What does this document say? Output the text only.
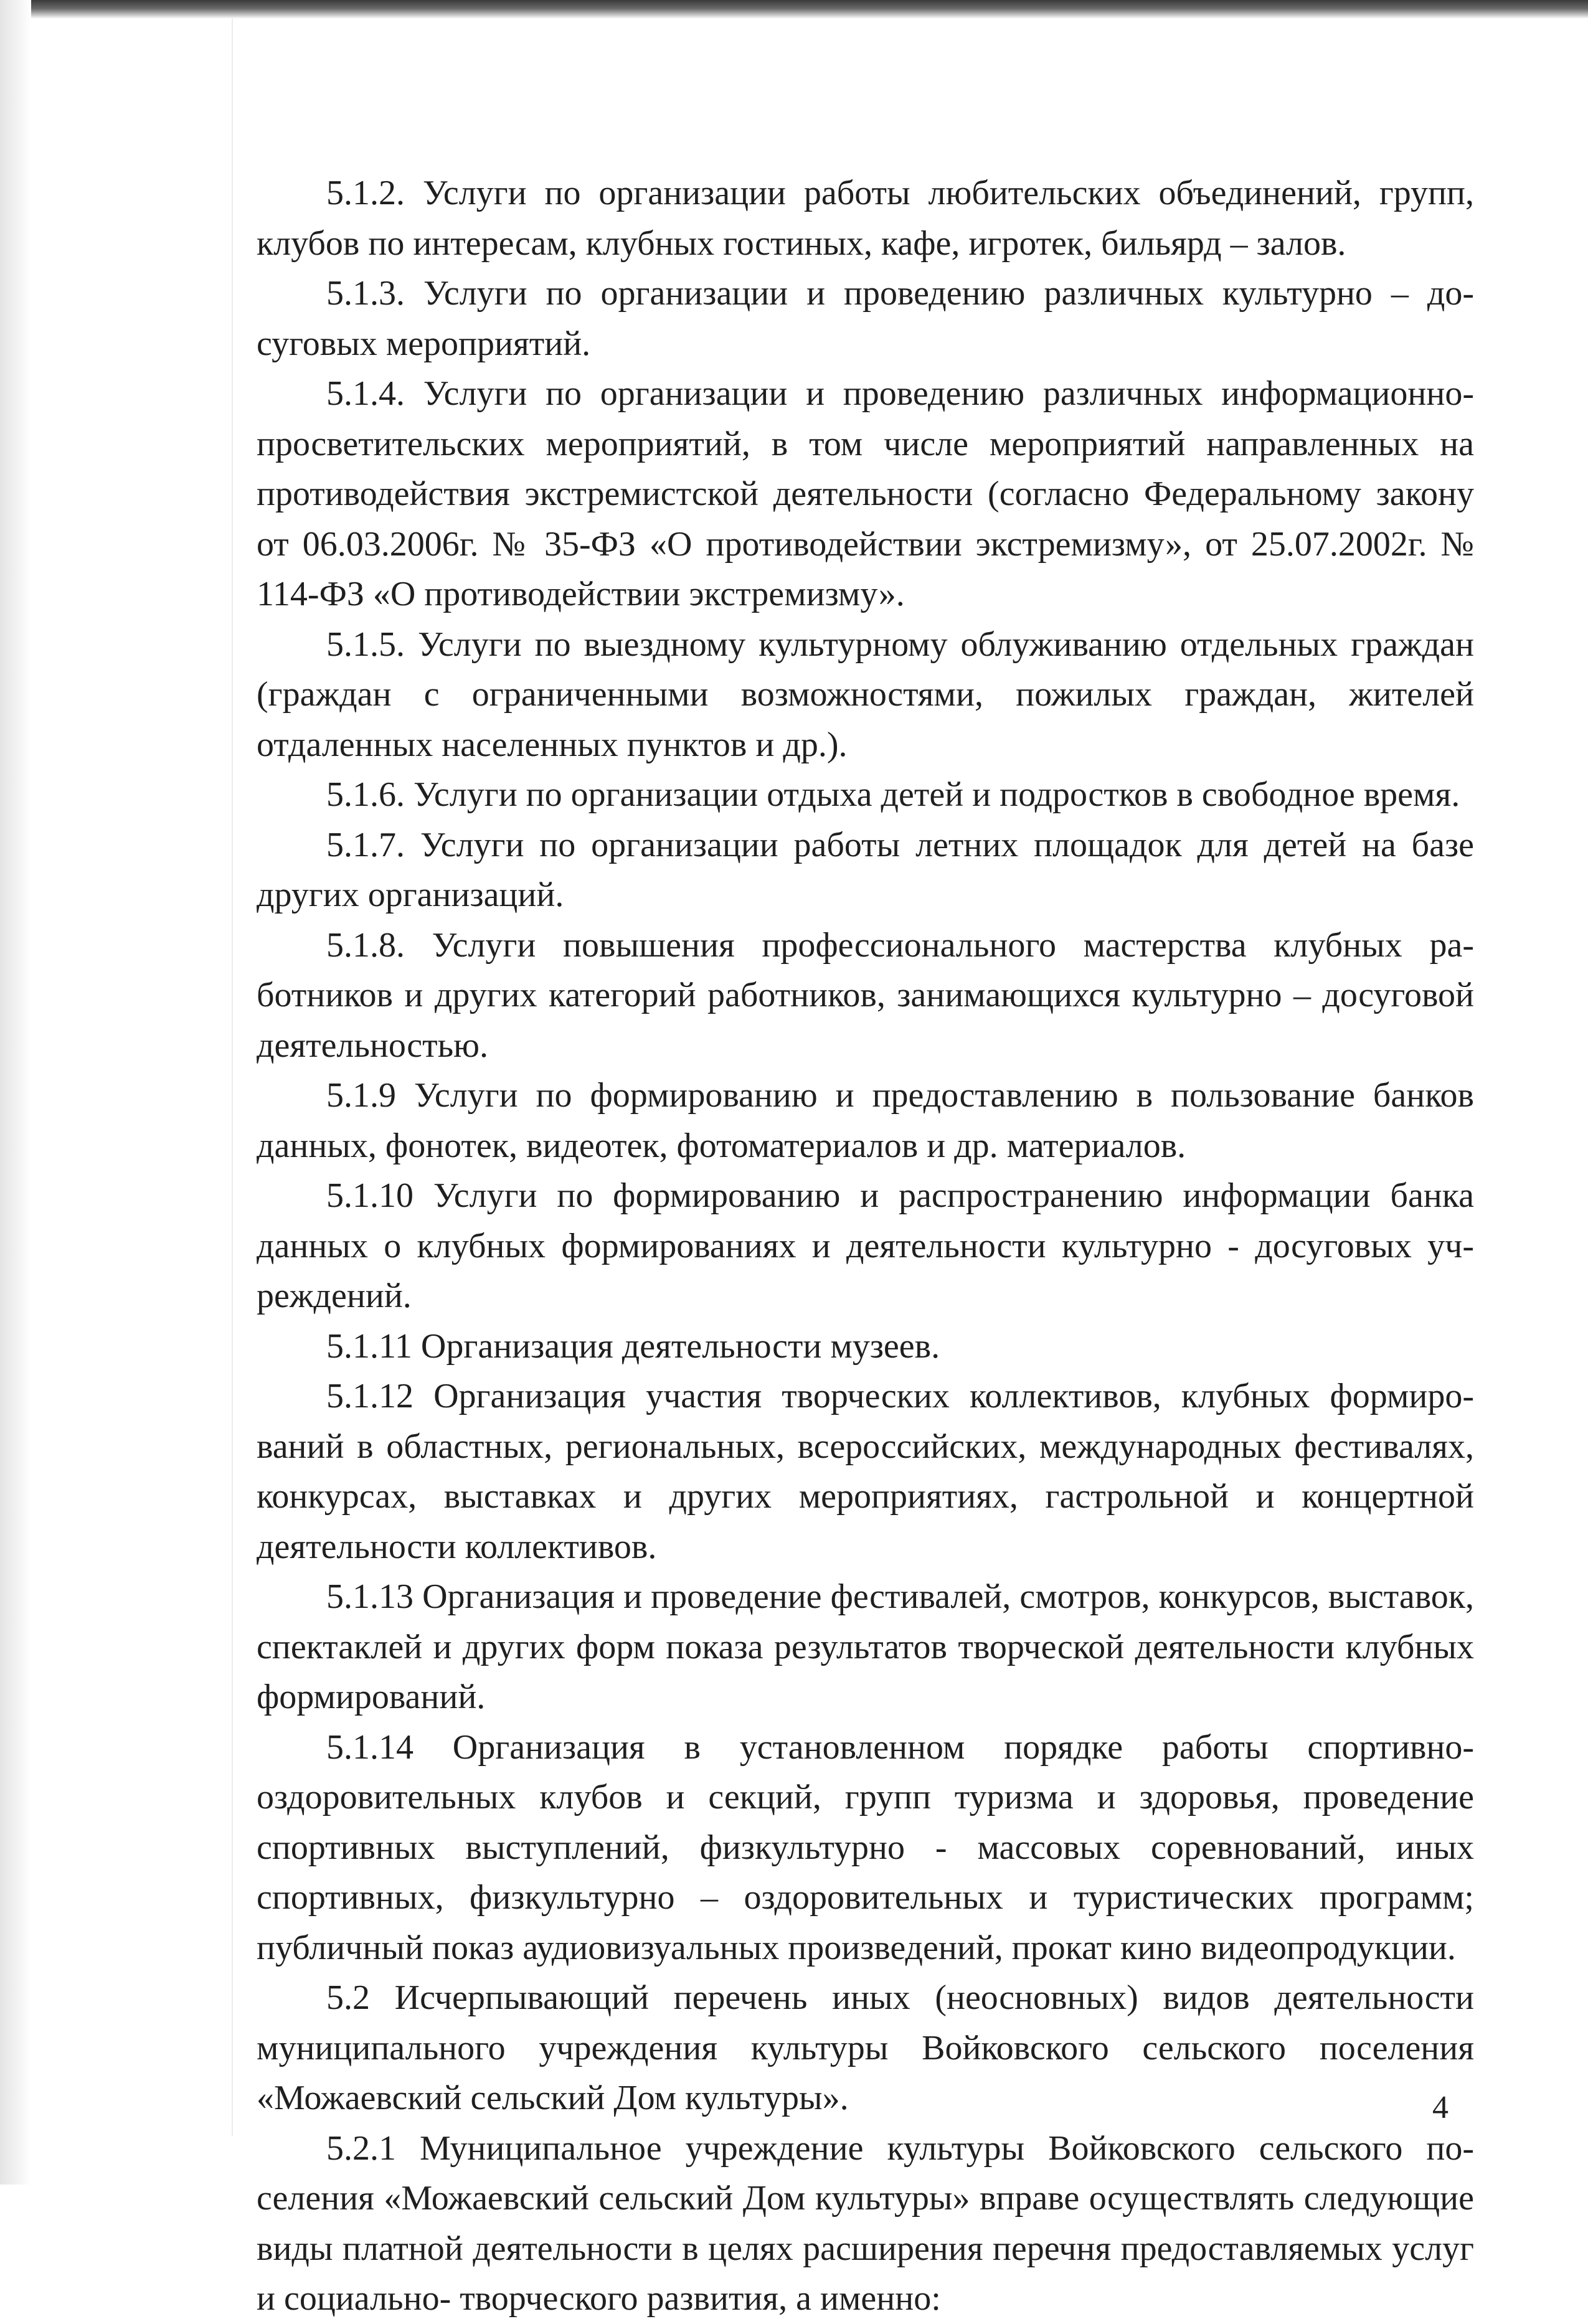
5.1.2. Услуги по организации работы любительских объединений, групп, клубов по интересам, клубных гостиных, кафе, игротек, бильярд – залов.

5.1.3. Услуги по организации и проведению различных культурно – досуговых мероприятий.

5.1.4. Услуги по организации и проведению различных информационно-просветительских мероприятий, в том числе мероприятий направленных на противодействия экстремистской деятельности (согласно Федеральному закону от 06.03.2006г. № 35-ФЗ «О противодействии экстремизму», от 25.07.2002г. № 114-ФЗ «О противодействии экстремизму».

5.1.5. Услуги по выездному культурному облуживанию отдельных граждан (граждан с ограниченными возможностями, пожилых граждан, жителей отдаленных населенных пунктов и др.).

5.1.6. Услуги по организации отдыха детей и подростков в свободное время.

5.1.7. Услуги по организации работы летних площадок для детей на базе других организаций.

5.1.8. Услуги повышения профессионального мастерства клубных работников и других категорий работников, занимающихся культурно – досуговой деятельностью.

5.1.9 Услуги по формированию и предоставлению в пользование банков данных, фонотек, видеотек, фотоматериалов и др. материалов.

5.1.10 Услуги по формированию и распространению информации банка данных о клубных формированиях и деятельности культурно - досуговых учреждений.

5.1.11 Организация деятельности музеев.

5.1.12 Организация участия творческих коллективов, клубных формирований в областных, региональных, всероссийских, международных фестивалях, конкурсах, выставках и других мероприятиях, гастрольной и концертной деятельности коллективов.

5.1.13 Организация и проведение фестивалей, смотров, конкурсов, выставок, спектаклей и других форм показа результатов творческой деятельности клубных формирований.

5.1.14 Организация в установленном порядке работы спортивно-оздоровительных клубов и секций, групп туризма и здоровья, проведение спортивных выступлений, физкультурно - массовых соревнований, иных спортивных, физкультурно – оздоровительных и туристических программ; публичный показ аудиовизуальных произведений, прокат кино видеопродукции.

5.2 Исчерпывающий перечень иных (неосновных) видов деятельности муниципального учреждения культуры Войковского сельского поселения «Можаевский сельский Дом культуры».

5.2.1 Муниципальное учреждение культуры Войковского сельского поселения «Можаевский сельский Дом культуры» вправе осуществлять следующие виды платной деятельности в целях расширения перечня предоставляемых услуг и социально- творческого развития, а именно:

4
